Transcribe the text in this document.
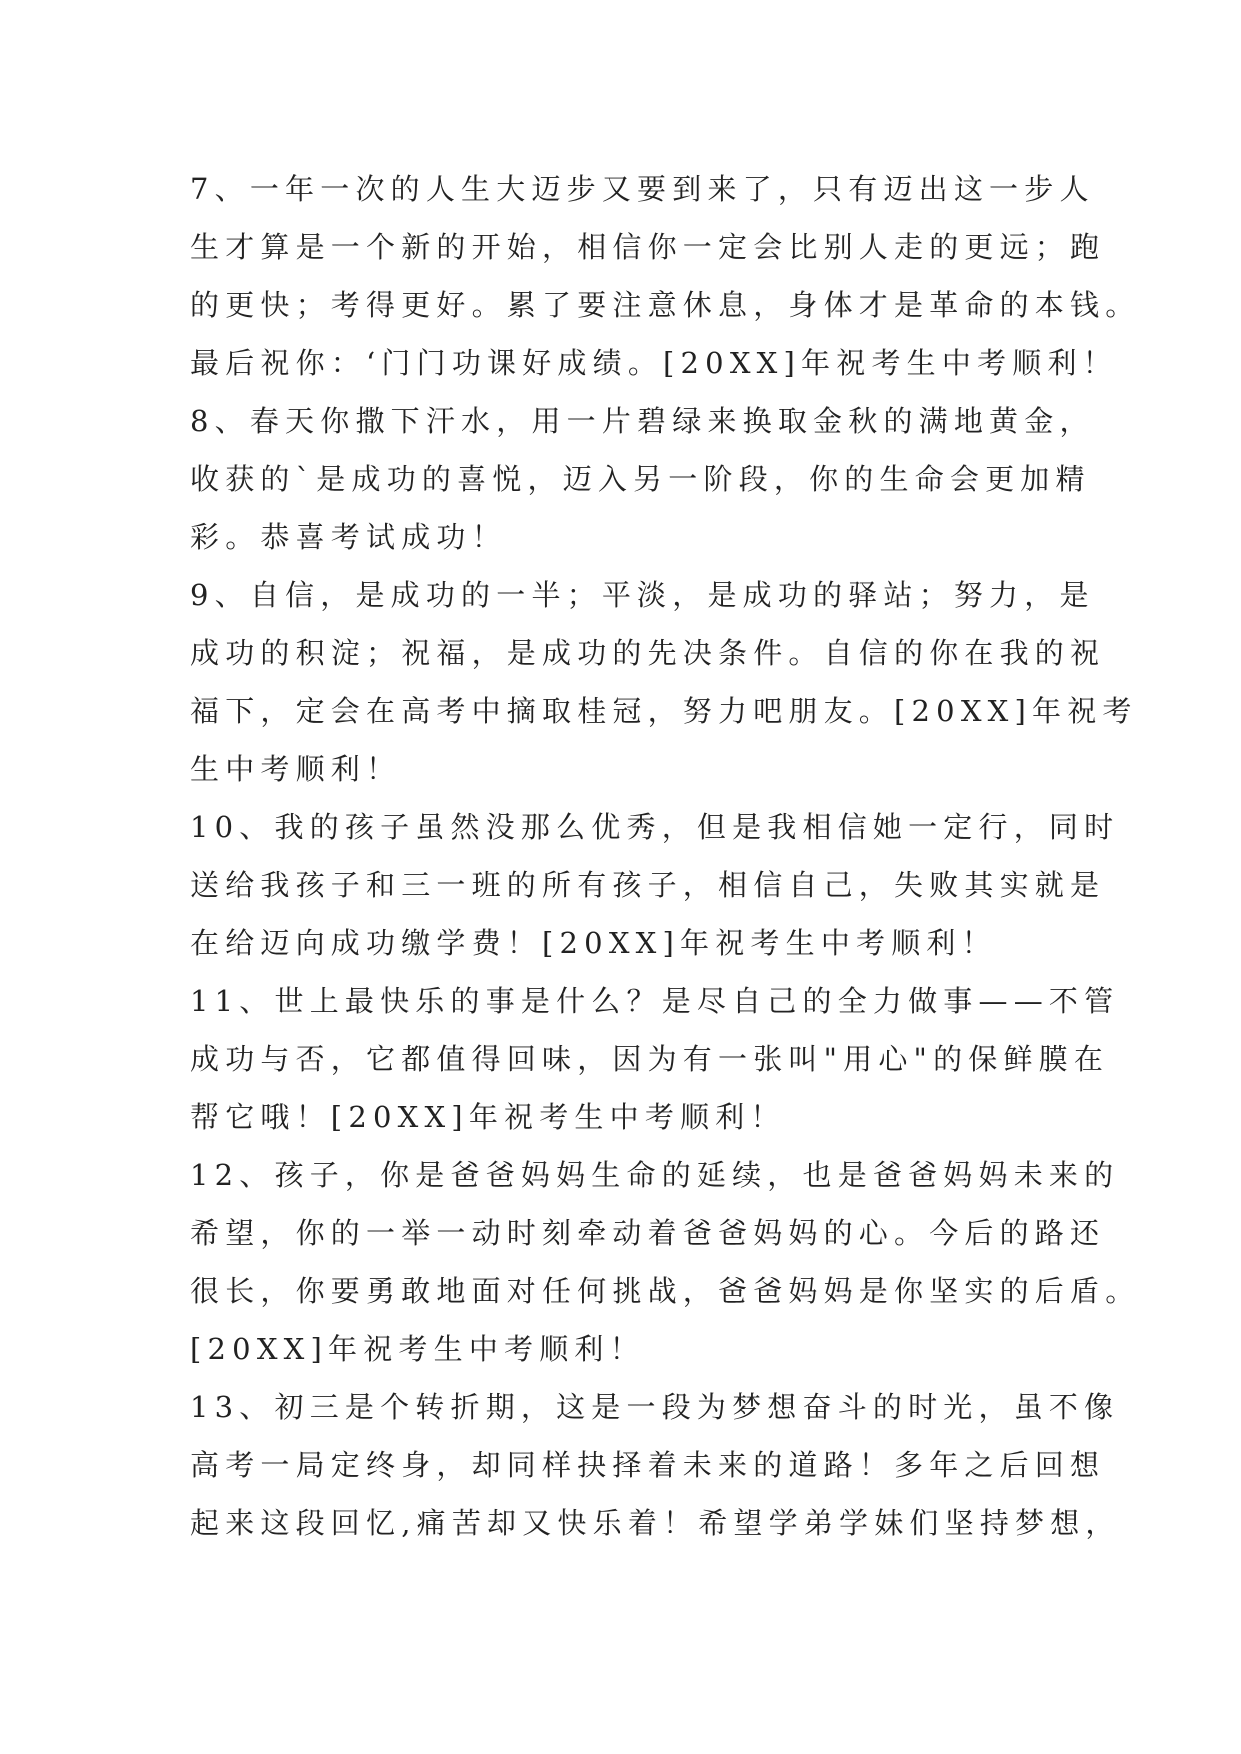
7、一年一次的人生大迈步又要到来了，只有迈出这一步人
生才算是一个新的开始，相信你一定会比别人走的更远；跑
的更快；考得更好。累了要注意休息，身体才是革命的本钱。
最后祝你：‘门门功课好成绩。[20XX]年祝考生中考顺利！
8、春天你撒下汗水，用一片碧绿来换取金秋的满地黄金，
收获的`是成功的喜悦，迈入另一阶段，你的生命会更加精
彩。恭喜考试成功！
9、自信，是成功的一半；平淡，是成功的驿站；努力，是
成功的积淀；祝福，是成功的先决条件。自信的你在我的祝
福下，定会在高考中摘取桂冠，努力吧朋友。[20XX]年祝考
生中考顺利！
10、我的孩子虽然没那么优秀，但是我相信她一定行，同时
送给我孩子和三一班的所有孩子，相信自己，失败其实就是
在给迈向成功缴学费！[20XX]年祝考生中考顺利！
11、世上最快乐的事是什么？是尽自己的全力做事——不管
成功与否，它都值得回味，因为有一张叫"用心"的保鲜膜在
帮它哦！[20XX]年祝考生中考顺利！
12、孩子，你是爸爸妈妈生命的延续，也是爸爸妈妈未来的
希望，你的一举一动时刻牵动着爸爸妈妈的心。今后的路还
很长，你要勇敢地面对任何挑战，爸爸妈妈是你坚实的后盾。
[20XX]年祝考生中考顺利！
13、初三是个转折期，这是一段为梦想奋斗的时光，虽不像
高考一局定终身，却同样抉择着未来的道路！多年之后回想
起来这段回忆,痛苦却又快乐着！希望学弟学妹们坚持梦想，
